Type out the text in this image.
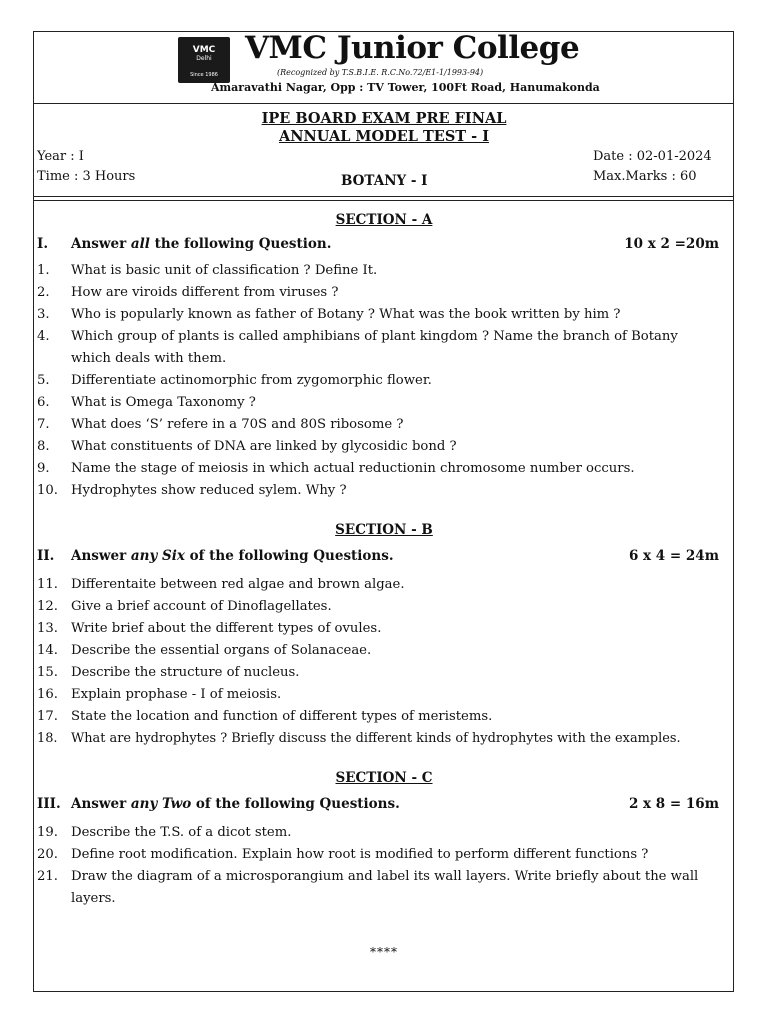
VMC
Delhi
Since 1986
VMC Junior College
(Recognized by T.S.B.I.E. R.C.No.72/E1-1/1993-94)
Amaravathi Nagar, Opp : TV Tower, 100Ft Road, Hanumakonda
IPE BOARD EXAM PRE FINAL
ANNUAL MODEL TEST - I
Year : I
Time : 3 Hours	BOTANY - I
Date : 02-01-2024
Max.Marks : 60
SECTION - A
I. Answer all the following Question.	10 x 2 =20m
1. What is basic unit of classification ? Define It.
2. How are viroids different from viruses ?
3. Who is popularly known as father of Botany ? What was the book written by him ?
4. Which group of plants is called amphibians of plant kingdom ? Name the branch of Botany which deals with them.
5. Differentiate actinomorphic from zygomorphic flower.
6. What is Omega Taxonomy ?
7. What does ‘S’ refere in a 70S and 80S ribosome ?
8. What constituents of DNA are linked by glycosidic bond ?
9. Name the stage of meiosis in which actual reductionin chromosome number occurs.
10. Hydrophytes show reduced sylem. Why ?
SECTION - B
II. Answer any Six of the following Questions.	6 x 4 = 24m
11. Differentaite between red algae and brown algae.
12. Give a brief account of Dinoflagellates.
13. Write brief about the different types of ovules.
14. Describe the essential organs of Solanaceae.
15. Describe the structure of nucleus.
16. Explain prophase - I of meiosis.
17. State the location and function of different types of meristems.
18. What are hydrophytes ? Briefly discuss the different kinds of hydrophytes with the examples.
SECTION - C
III. Answer any Two of the following Questions.	2 x 8 = 16m
19. Describe the T.S. of a dicot stem.
20. Define root modification. Explain how root is modified to perform different functions ?
21. Draw the diagram of a microsporangium and label its wall layers. Write briefly about the wall layers.
****
